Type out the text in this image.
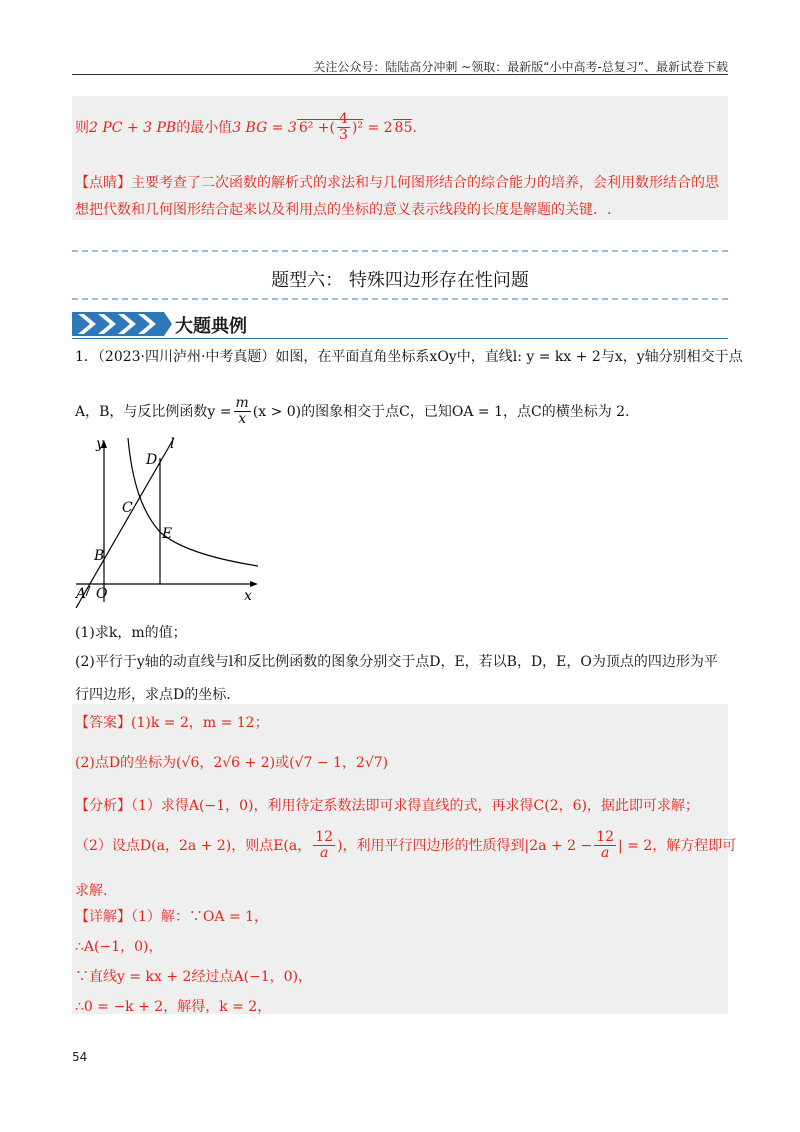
关注公众号：陆陆高分冲刺 ~领取：最新版“小中高考-总复习”、最新试卷下载
则2 PC + 3 PB的最小值3 BG = 3 6² +( $\frac{4}{3} )^2 = 2$ 85.
【点睛】主要考查了二次函数的解析式的求法和与几何图形结合的综合能力的培养，会利用数形结合的思
想把代数和几何图形结合起来以及利用点的坐标的意义表示线段的长度是解题的关键．.
题型六： 特殊四边形存在性问题
大题典例
1．（2023·四川泸州·中考真题）如图，在平面直角坐标系xOy中，直线l: y = kx + 2与x，y轴分别相交于点
A，B，与反比例函数$y = \frac{m}{x} (x > 0)$的图象相交于点C，已知OA = 1，点C的横坐标为 2.
y	l
D
C
E
B
A O	x
(1)求k，m的值；
(2)平行于y轴的动直线与l和反比例函数的图象分别交于点D，E，若以B，D，E，O为顶点的四边形为平
行四边形，求点D的坐标.
【答案】(1)k = 2，m = 12；
(2)点D的坐标为(√6，2√6 + 2)或(√7 − 1，2√7)
【分析】（1）求得A(−1，0)，利用待定系数法即可求得直线的式，再求得C(2，6)，据此即可求解；
（2）设点D(a，2a + 2)，则点E(a， $\frac{12}{a}$ )，利用平行四边形的性质得到$|2a + 2 - \frac{12}{a}$ | = 2，解方程即可
求解.
【详解】（1）解：∵OA = 1，
∴A(−1，0)，
∵直线y = kx + 2经过点A(−1，0)，
∴0 = −k + 2，解得，k = 2，
54
